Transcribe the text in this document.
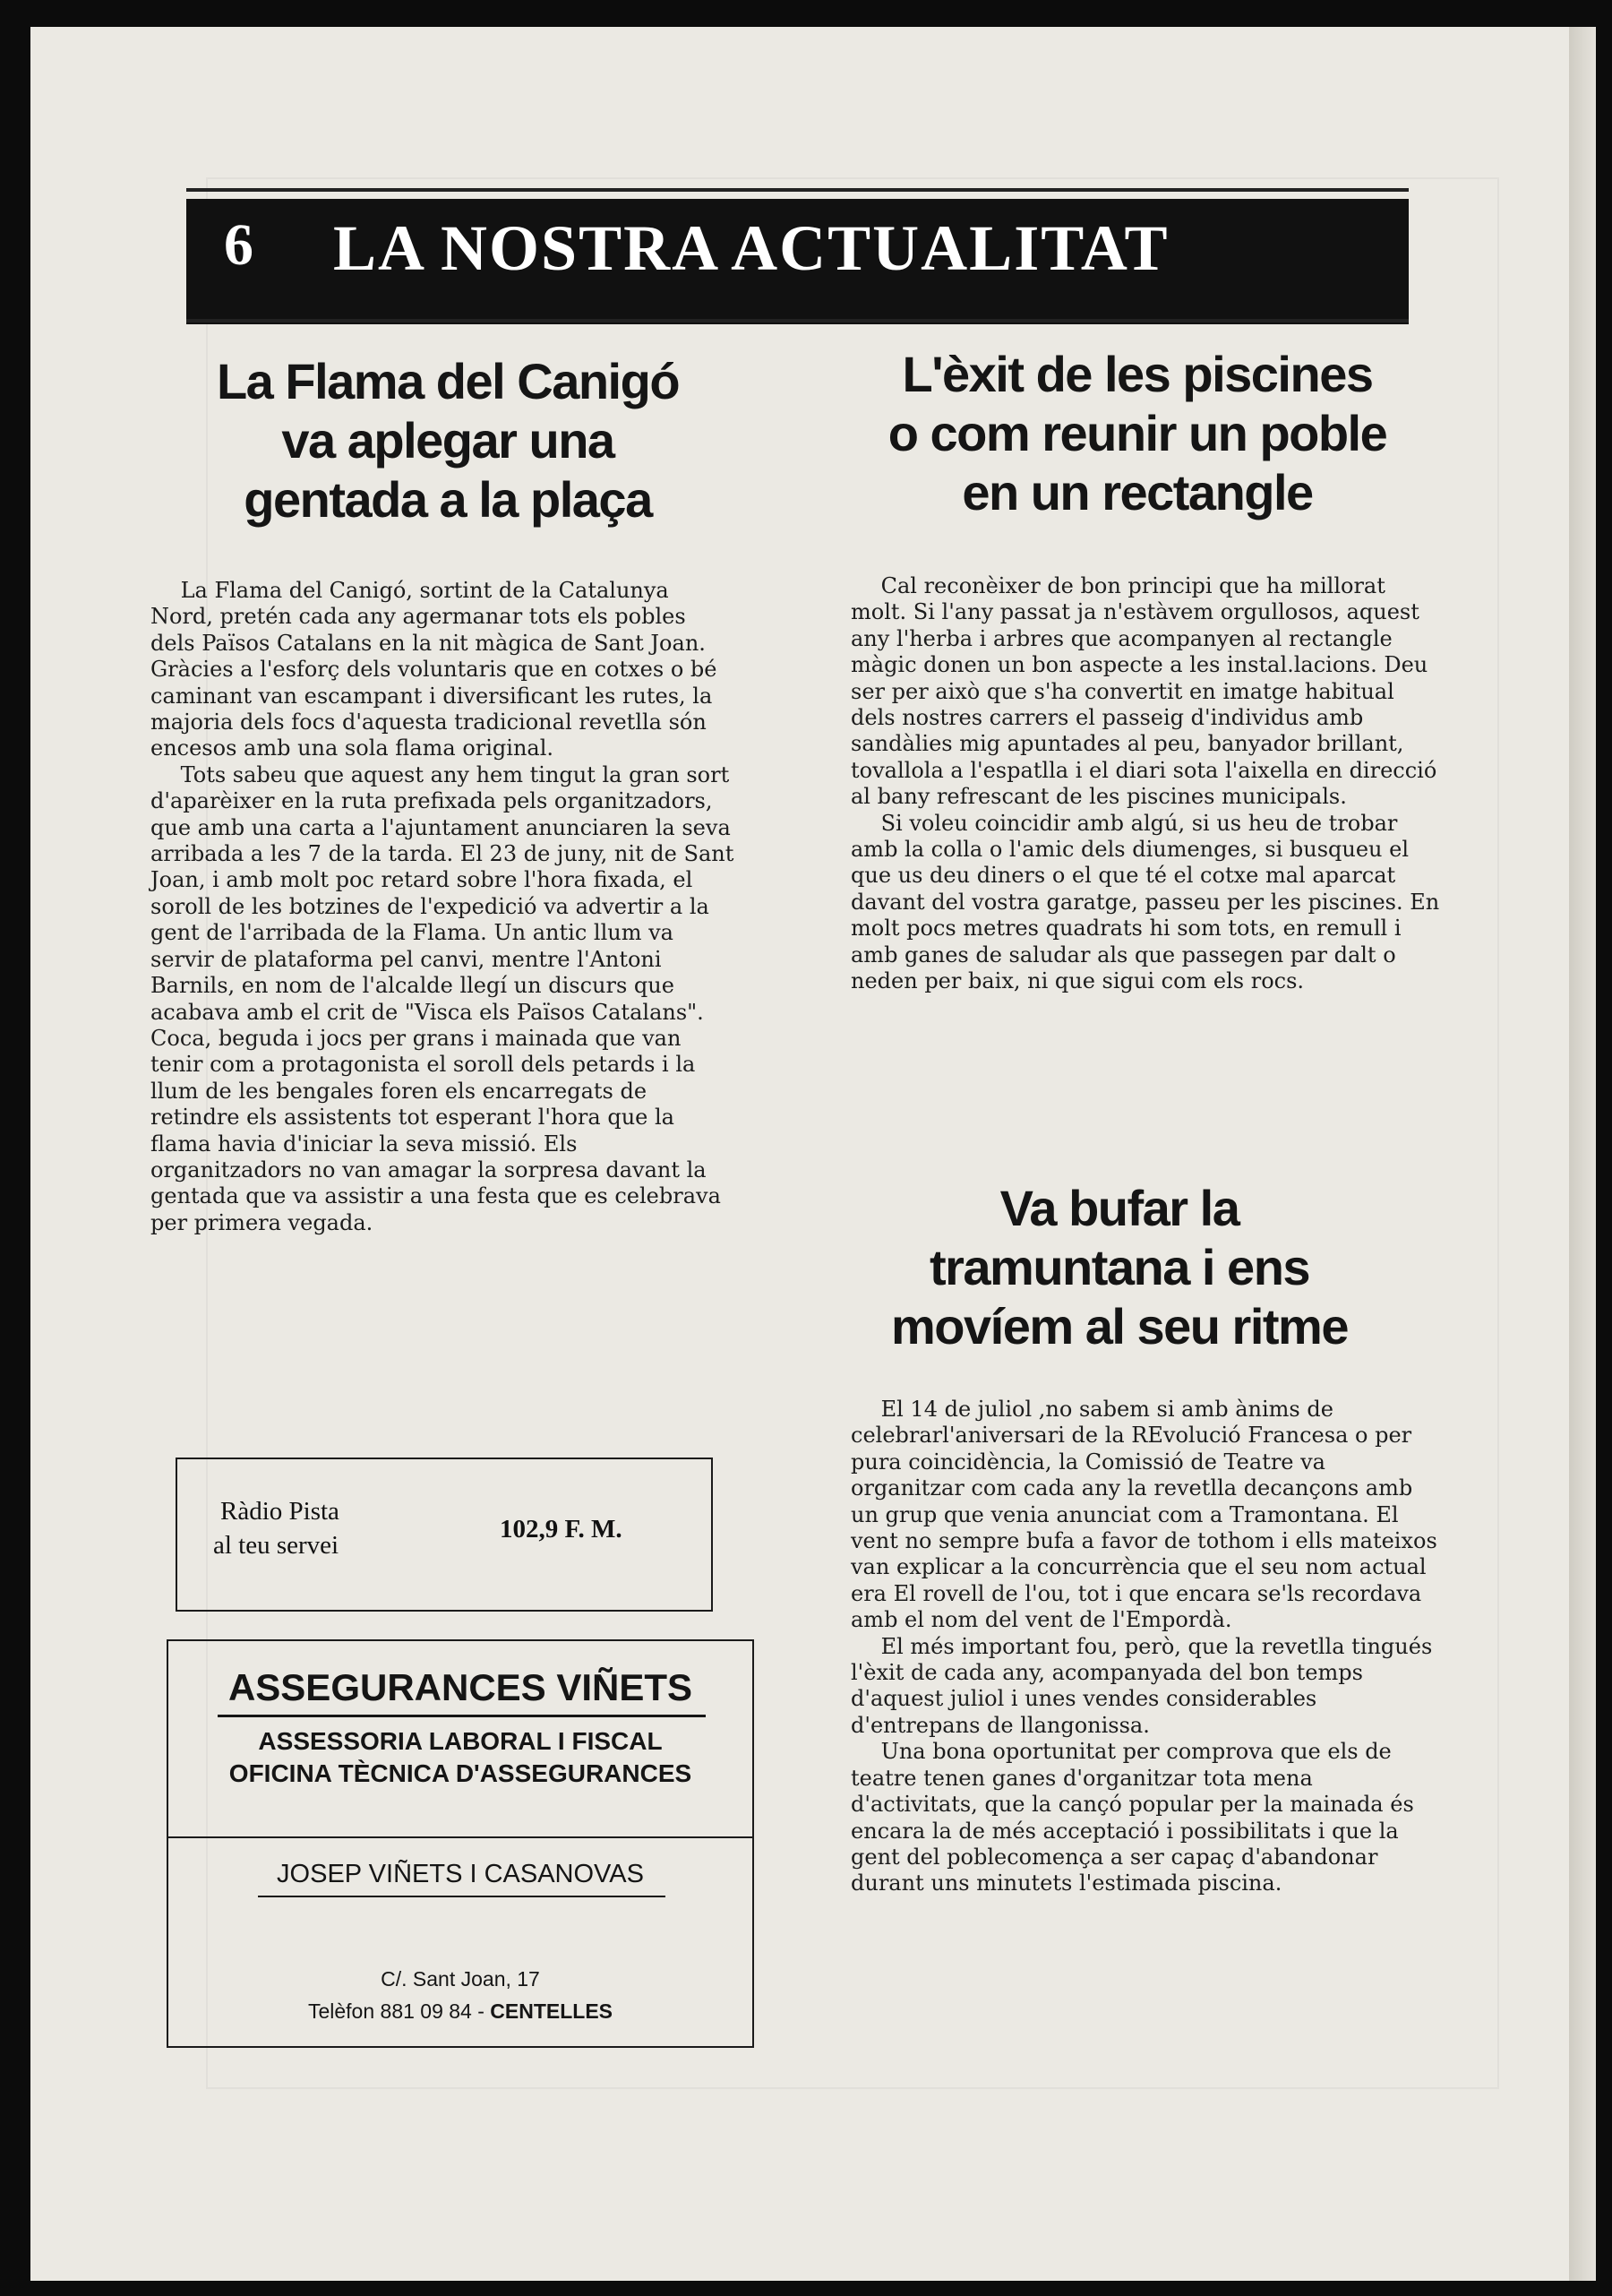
6 LA NOSTRA ACTUALITAT
La Flama del Canigó
va aplegar una
gentada a la plaça

La Flama del Canigó, sortint de la Catalunya Nord, pretén cada any agermanar tots els pobles dels Països Catalans en la nit màgica de Sant Joan. Gràcies a l'esforç dels voluntaris que en cotxes o bé caminant van escampant i diversificant les rutes, la majoria dels focs d'aquesta tradicional revetlla són encesos amb una sola flama original.

Tots sabeu que aquest any hem tingut la gran sort d'aparèixer en la ruta prefixada pels organitzadors, que amb una carta a l'ajuntament anunciaren la seva arribada a les 7 de la tarda. El 23 de juny, nit de Sant Joan, i amb molt poc retard sobre l'hora fixada, el soroll de les botzines de l'expedició va advertir a la gent de l'arribada de la Flama. Un antic llum va servir de plataforma pel canvi, mentre l'Antoni Barnils, en nom de l'alcalde llegí un discurs que acabava amb el crit de "Visca els Països Catalans". Coca, beguda i jocs per grans i mainada que van tenir com a protagonista el soroll dels petards i la llum de les bengales foren els encarregats de retindre els assistents tot esperant l'hora que la flama havia d'iniciar la seva missió. Els organitzadors no van amagar la sorpresa davant la gentada que va assistir a una festa que es celebrava per primera vegada.

L'èxit de les piscines
o com reunir un poble
en un rectangle

Cal reconèixer de bon principi que ha millorat molt. Si l'any passat ja n'estàvem orgullosos, aquest any l'herba i arbres que acompanyen al rectangle màgic donen un bon aspecte a les instal.lacions. Deu ser per això que s'ha convertit en imatge habitual dels nostres carrers el passeig d'individus amb sandàlies mig apuntades al peu, banyador brillant, tovallola a l'espatlla i el diari sota l'aixella en direcció al bany refrescant de les piscines municipals.

Si voleu coincidir amb algú, si us heu de trobar amb la colla o l'amic dels diumenges, si busqueu el que us deu diners o el que té el cotxe mal aparcat davant del vostra garatge, passeu per les piscines. En molt pocs metres quadrats hi som tots, en remull i amb ganes de saludar als que passegen par dalt o neden per baix, ni que sigui com els rocs.

Va bufar la
tramuntana i ens
movíem al seu ritme

El 14 de juliol ,no sabem si amb ànims de celebrarl'aniversari de la REvolució Francesa o per pura coincidència, la Comissió de Teatre va organitzar com cada any la revetlla decançons amb un grup que venia anunciat com a Tramontana. El vent no sempre bufa a favor de tothom i ells mateixos van explicar a la concurrència que el seu nom actual era El rovell de l'ou, tot i que encara se'ls recordava amb el nom del vent de l'Empordà.

El més important fou, però, que la revetlla tingués l'èxit de cada any, acompanyada del bon temps d'aquest juliol i unes vendes considerables d'entrepans de llangonissa.

Una bona oportunitat per comprova que els de teatre tenen ganes d'organitzar tota mena d'activitats, que la cançó popular per la mainada és encara la de més acceptació i possibilitats i que la gent del poblecomença a ser capaç d'abandonar durant uns minutets l'estimada piscina.

Ràdio Pista
al teu servei
102,9 F. M.
ASSEGURANCES VIÑETS
ASSESSORIA LABORAL I FISCAL
OFICINA TÈCNICA D'ASSEGURANCES
JOSEP VIÑETS I CASANOVAS
C/. Sant Joan, 17
Telèfon 881 09 84 - CENTELLES
